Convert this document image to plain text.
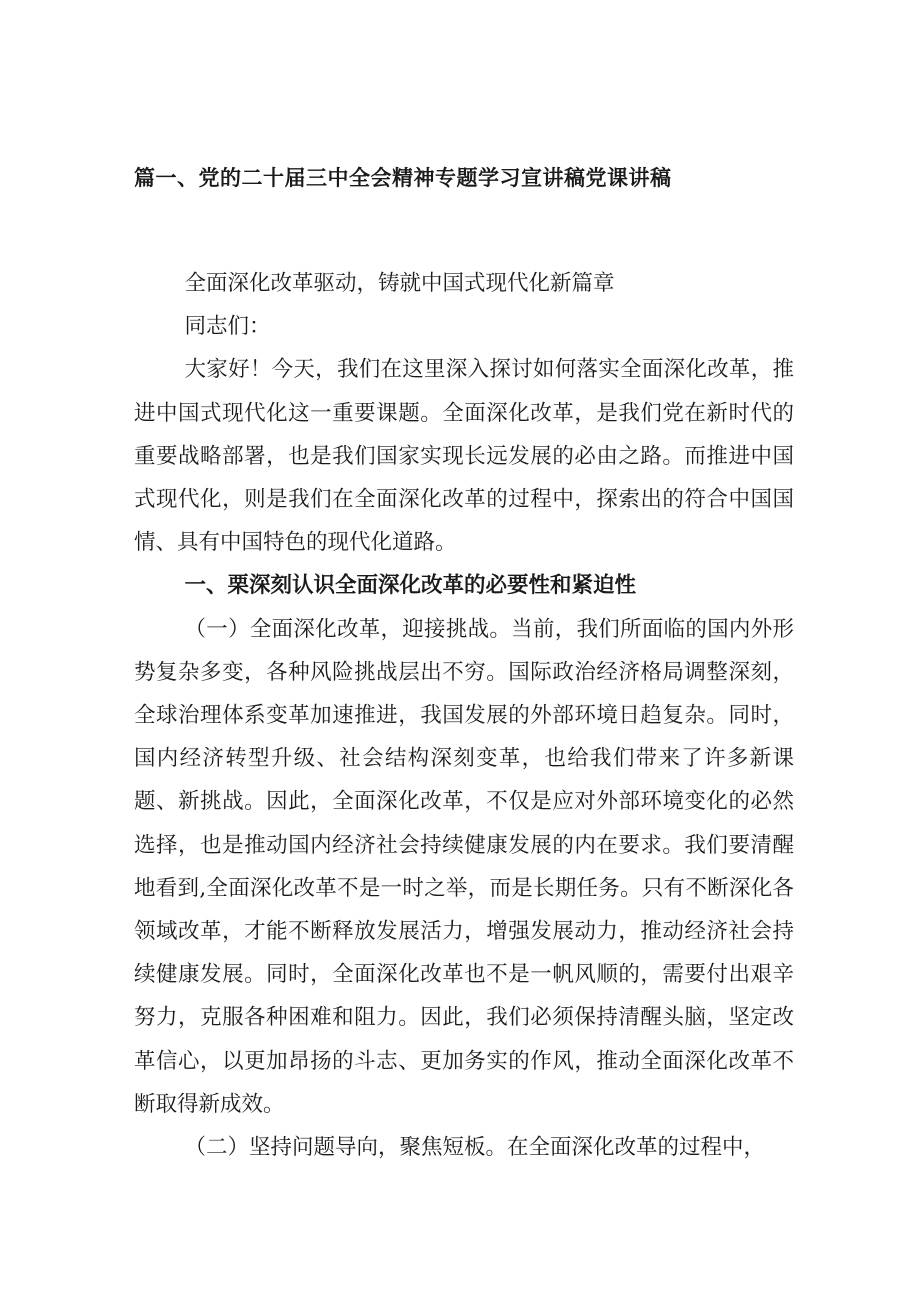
篇一、党的二十届三中全会精神专题学习宣讲稿党课讲稿

全面深化改革驱动，铸就中国式现代化新篇章

同志们：

大家好！今天，我们在这里深入探讨如何落实全面深化改革，推进中国式现代化这一重要课题。全面深化改革，是我们党在新时代的重要战略部署，也是我们国家实现长远发展的必由之路。而推进中国式现代化，则是我们在全面深化改革的过程中，探索出的符合中国国情、具有中国特色的现代化道路。

一、栗深刻认识全面深化改革的必要性和紧迫性

（一）全面深化改革，迎接挑战。当前，我们所面临的国内外形势复杂多变，各种风险挑战层出不穷。国际政治经济格局调整深刻，全球治理体系变革加速推进，我国发展的外部环境日趋复杂。同时，国内经济转型升级、社会结构深刻变革，也给我们带来了许多新课题、新挑战。因此，全面深化改革，不仅是应对外部环境变化的必然选择，也是推动国内经济社会持续健康发展的内在要求。我们要清醒地看到,全面深化改革不是一时之举，而是长期任务。只有不断深化各领域改革，才能不断释放发展活力，增强发展动力，推动经济社会持续健康发展。同时，全面深化改革也不是一帆风顺的，需要付出艰辛努力，克服各种困难和阻力。因此，我们必须保持清醒头脑，坚定改革信心，以更加昂扬的斗志、更加务实的作风，推动全面深化改革不断取得新成效。

（二）坚持问题导向，聚焦短板。在全面深化改革的过程中，
